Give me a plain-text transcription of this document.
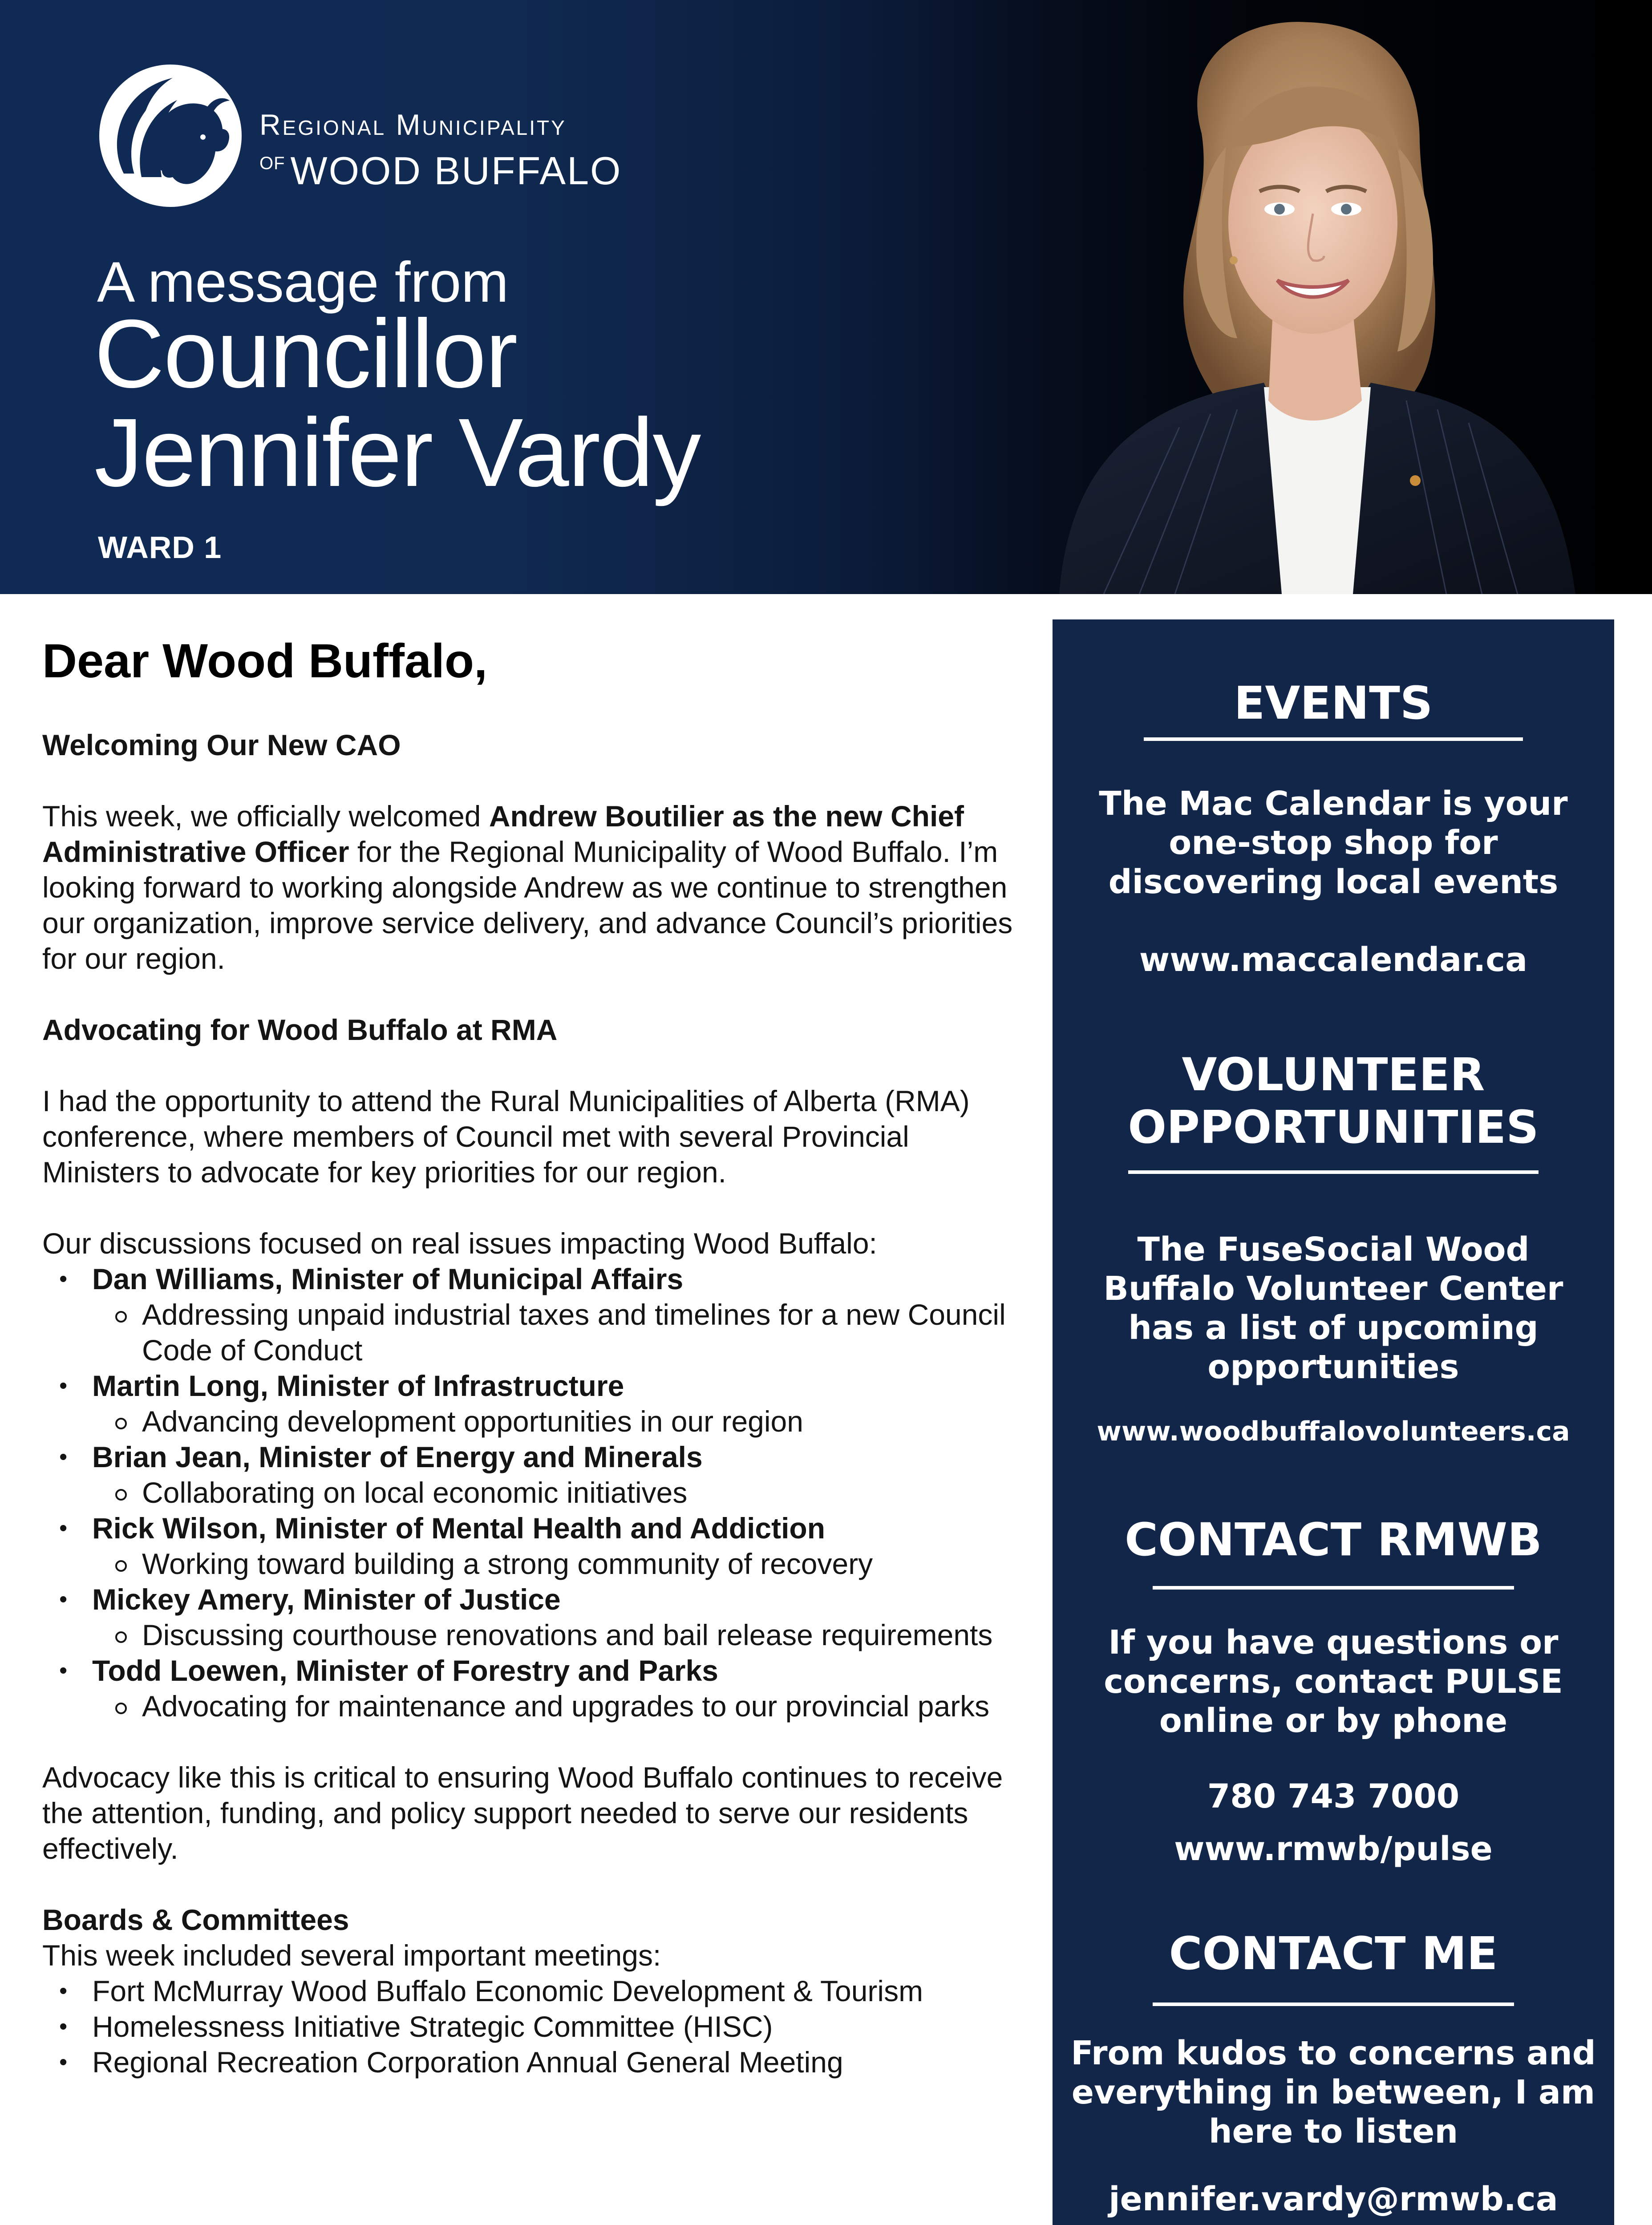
Regional Municipality
$^{OF}$ WOOD BUFFALO
A message from
Councillor
Jennifer Vardy
WARD 1
Dear Wood Buffalo,

Welcoming Our New CAO

This week, we officially welcomed Andrew Boutilier as the new Chief Administrative Officer for the Regional Municipality of Wood Buffalo. I’m looking forward to working alongside Andrew as we continue to strengthen our organization, improve service delivery, and advance Council’s priorities for our region.

Advocating for Wood Buffalo at RMA

I had the opportunity to attend the Rural Municipalities of Alberta (RMA) conference, where members of Council met with several Provincial Ministers to advocate for key priorities for our region.

Our discussions focused on real issues impacting Wood Buffalo:

• Dan Williams, Minister of Municipal Affairs
Addressing unpaid industrial taxes and timelines for a new Council Code of Conduct
• Martin Long, Minister of Infrastructure
Advancing development opportunities in our region
• Brian Jean, Minister of Energy and Minerals
Collaborating on local economic initiatives
• Rick Wilson, Minister of Mental Health and Addiction
Working toward building a strong community of recovery
• Mickey Amery, Minister of Justice
Discussing courthouse renovations and bail release requirements
• Todd Loewen, Minister of Forestry and Parks
Advocating for maintenance and upgrades to our provincial parks

Advocacy like this is critical to ensuring Wood Buffalo continues to receive the attention, funding, and policy support needed to serve our residents effectively.

Boards & Committees

This week included several important meetings:

• Fort McMurray Wood Buffalo Economic Development & Tourism
• Homelessness Initiative Strategic Committee (HISC)
• Regional Recreation Corporation Annual General Meeting
EVENTS
The Mac Calendar is your one-stop shop for discovering local events
www.maccalendar.ca
VOLUNTEER
OPPORTUNITIES
The FuseSocial Wood Buffalo Volunteer Center has a list of upcoming opportunities
www.woodbuffalovolunteers.ca
CONTACT RMWB
If you have questions or concerns, contact PULSE online or by phone
780 743 7000
www.rmwb/pulse
CONTACT ME
From kudos to concerns and everything in between, I am here to listen
jennifer.vardy@rmwb.ca
